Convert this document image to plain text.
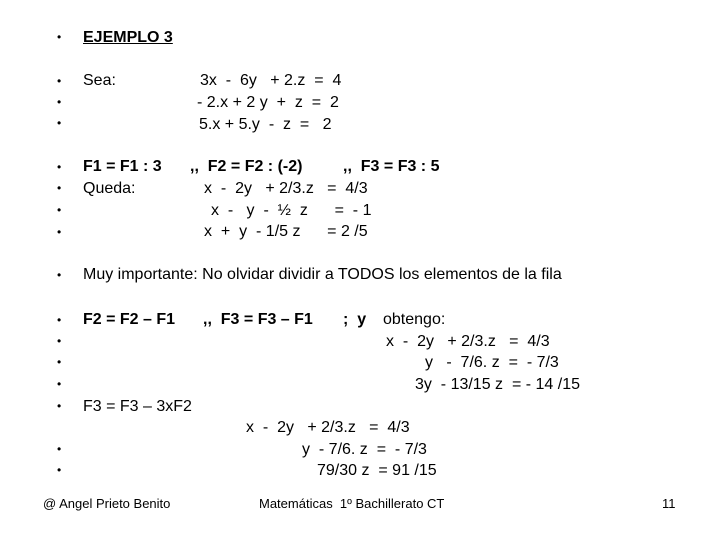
• EJEMPLO 3
•
•
•
Sea:	3x  -  6y   + 2.z  =  4
- 2.x + 2 y  +  z  =  2
5.x + 5.y  -  z  =   2
•
•
•
•
F1 = F1 : 3 ,,  F2 = F2 : (-2)	,,  F3 = F3 : 5
Queda:	x  -  2y   + 2/3.z   =  4/3
x  -   y  -  ½  z      =  - 1
x  +  y  - 1/5 z      = 2 /5
• Muy importante: No olvidar dividir a TODOS los elementos de la fila
•
•
•
•
F2 = F2 – F1 ,,  F3 = F3 – F1 ;  y obtengo:
x  -  2y   + 2/3.z   =  4/3
y   -  7/6. z  =  - 7/3
3y  - 13/15 z  = - 14 /15
•
•
•
F3 = F3 – 3xF2
x  -  2y   + 2/3.z   =  4/3
y  - 7/6. z  =  - 7/3
79/30 z  = 91 /15
@ Angel Prieto Benito	Matemáticas  1º Bachillerato CT	11
